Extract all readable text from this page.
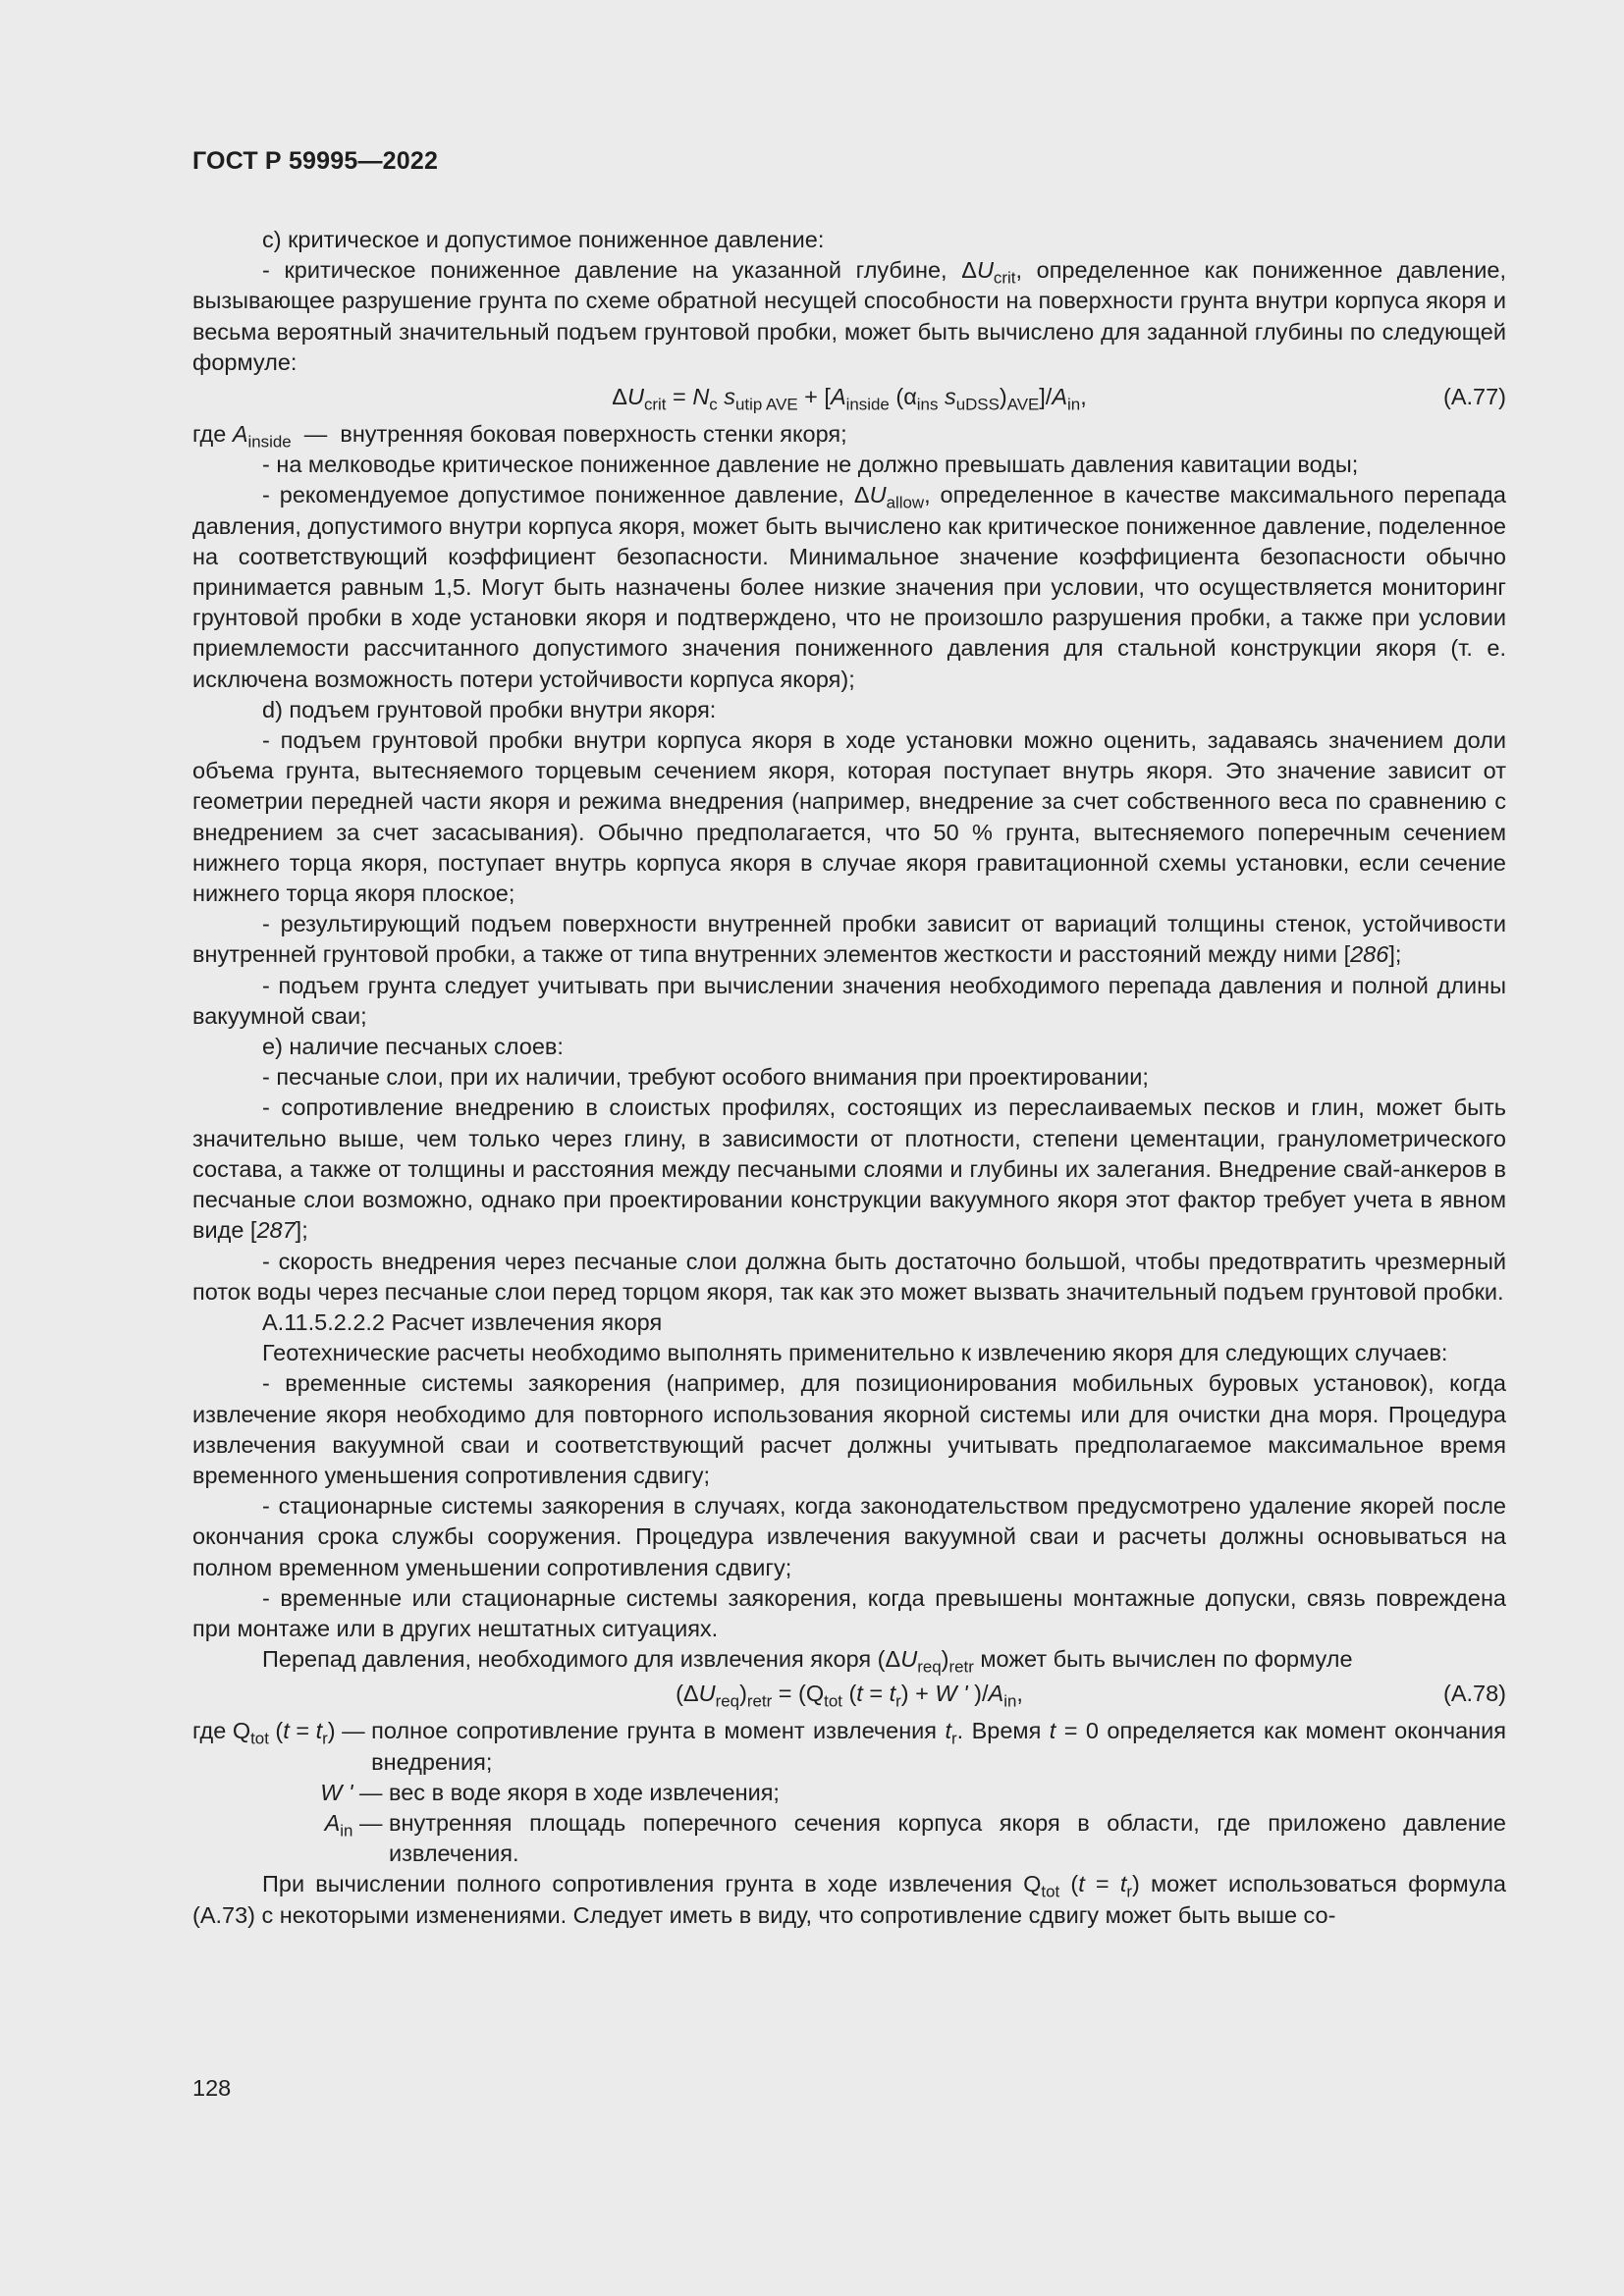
ГОСТ Р 59995—2022

c) критическое и допустимое пониженное давление:

- критическое пониженное давление на указанной глубине, $\Delta U_{crit}$, определенное как пониженное давление, вызывающее разрушение грунта по схеме обратной несущей способности на поверхности грунта внутри корпуса якоря и весьма вероятный значительный подъем грунтовой пробки, может быть вычислено для заданной глубины по следующей формуле:

$\Delta U_{crit} = N_c$ $s_{utip AVE} + [A_{inside}$ ($\alpha_{ins}$ $s_{uDSS})_{AVE}]/A_{in}$,	(А.77)
где $A_{inside}$ — внутренняя боковая поверхность стенки якоря;

- на мелководье критическое пониженное давление не должно превышать давления кавитации воды;

- рекомендуемое допустимое пониженное давление, $\Delta U_{allow}$, определенное в качестве максимального перепада давления, допустимого внутри корпуса якоря, может быть вычислено как критическое пониженное давление, поделенное на соответствующий коэффициент безопасности. Минимальное значение коэффициента безопасности обычно принимается равным 1,5. Могут быть назначены более низкие значения при условии, что осуществляется мониторинг грунтовой пробки в ходе установки якоря и подтверждено, что не произошло разрушения пробки, а также при условии приемлемости рассчитанного допустимого значения пониженного давления для стальной конструкции якоря (т. е. исключена возможность потери устойчивости корпуса якоря);

d) подъем грунтовой пробки внутри якоря:

- подъем грунтовой пробки внутри корпуса якоря в ходе установки можно оценить, задаваясь значением доли объема грунта, вытесняемого торцевым сечением якоря, которая поступает внутрь якоря. Это значение зависит от геометрии передней части якоря и режима внедрения (например, внедрение за счет собственного веса по сравнению с внедрением за счет засасывания). Обычно предполагается, что 50 % грунта, вытесняемого поперечным сечением нижнего торца якоря, поступает внутрь корпуса якоря в случае якоря гравитационной схемы установки, если сечение нижнего торца якоря плоское;

- результирующий подъем поверхности внутренней пробки зависит от вариаций толщины стенок, устойчивости внутренней грунтовой пробки, а также от типа внутренних элементов жесткости и расстояний между ними [286];

- подъем грунта следует учитывать при вычислении значения необходимого перепада давления и полной длины вакуумной сваи;

e) наличие песчаных слоев:

- песчаные слои, при их наличии, требуют особого внимания при проектировании;

- сопротивление внедрению в слоистых профилях, состоящих из переслаиваемых песков и глин, может быть значительно выше, чем только через глину, в зависимости от плотности, степени цементации, гранулометрического состава, а также от толщины и расстояния между песчаными слоями и глубины их залегания. Внедрение свай-анкеров в песчаные слои возможно, однако при проектировании конструкции вакуумного якоря этот фактор требует учета в явном виде [287];

- скорость внедрения через песчаные слои должна быть достаточно большой, чтобы предотвратить чрезмерный поток воды через песчаные слои перед торцом якоря, так как это может вызвать значительный подъем грунтовой пробки.

А.11.5.2.2.2 Расчет извлечения якоря

Геотехнические расчеты необходимо выполнять применительно к извлечению якоря для следующих случаев:

- временные системы заякорения (например, для позиционирования мобильных буровых установок), когда извлечение якоря необходимо для повторного использования якорной системы или для очистки дна моря. Процедура извлечения вакуумной сваи и соответствующий расчет должны учитывать предполагаемое максимальное время временного уменьшения сопротивления сдвигу;

- стационарные системы заякорения в случаях, когда законодательством предусмотрено удаление якорей после окончания срока службы сооружения. Процедура извлечения вакуумной сваи и расчеты должны основываться на полном временном уменьшении сопротивления сдвигу;

- временные или стационарные системы заякорения, когда превышены монтажные допуски, связь повреждена при монтаже или в других нештатных ситуациях.

Перепад давления, необходимого для извлечения якоря $(\Delta U_{req})_{retr}$ может быть вычислен по формуле

$(\Delta U_{req})_{retr} = (Q_{tot}$ $(t = t_r) + W$ ' )$/A_{in}$,	(А.78)
где $Q_{tot}$ $(t = t_r)$ — полное сопротивление грунта в момент извлечения $t_r$. Время t = 0 определяется как момент окончания внедрения;
W ' — вес в воде якоря в ходе извлечения;
$A_{in}$ — внутренняя площадь поперечного сечения корпуса якоря в области, где приложено давление извлечения.

При вычислении полного сопротивления грунта в ходе извлечения $Q_{tot}$ $(t = t_r)$ может использоваться формула (А.73) с некоторыми изменениями. Следует иметь в виду, что сопротивление сдвигу может быть выше со-

128
